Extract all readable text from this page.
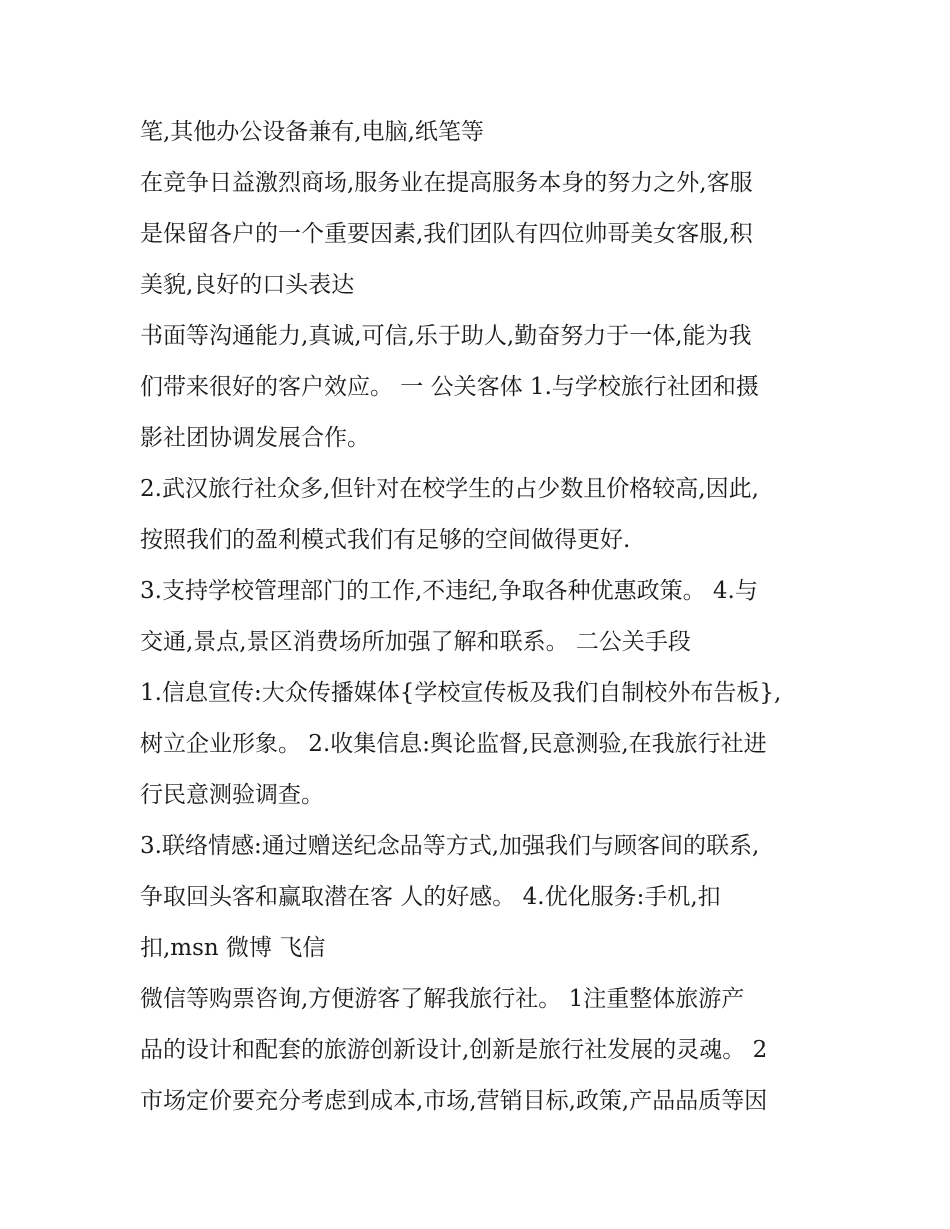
笔,其他办公设备兼有,电脑,纸笔等
在竞争日益激烈商场,服务业在提高服务本身的努力之外,客服
是保留各户的一个重要因素,我们团队有四位帅哥美女客服,积
美貌,良好的口头表达
书面等沟通能力,真诚,可信,乐于助人,勤奋努力于一体,能为我
们带来很好的客户效应。 一 公关客体 1.与学校旅行社团和摄
影社团协调发展合作。
2.武汉旅行社众多,但针对在校学生的占少数且价格较高,因此,
按照我们的盈利模式我们有足够的空间做得更好.
3.支持学校管理部门的工作,不违纪,争取各种优惠政策。 4.与
交通,景点,景区消费场所加强了解和联系。 二公关手段
1.信息宣传:大众传播媒体{学校宣传板及我们自制校外布告板},
树立企业形象。 2.收集信息:舆论监督,民意测验,在我旅行社进
行民意测验调查。
3.联络情感:通过赠送纪念品等方式,加强我们与顾客间的联系,
争取回头客和赢取潜在客 人的好感。 4.优化服务:手机,扣
扣,msn 微博 飞信
微信等购票咨询,方便游客了解我旅行社。 1注重整体旅游产
品的设计和配套的旅游创新设计,创新是旅行社发展的灵魂。 2
市场定价要充分考虑到成本,市场,营销目标,政策,产品品质等因
